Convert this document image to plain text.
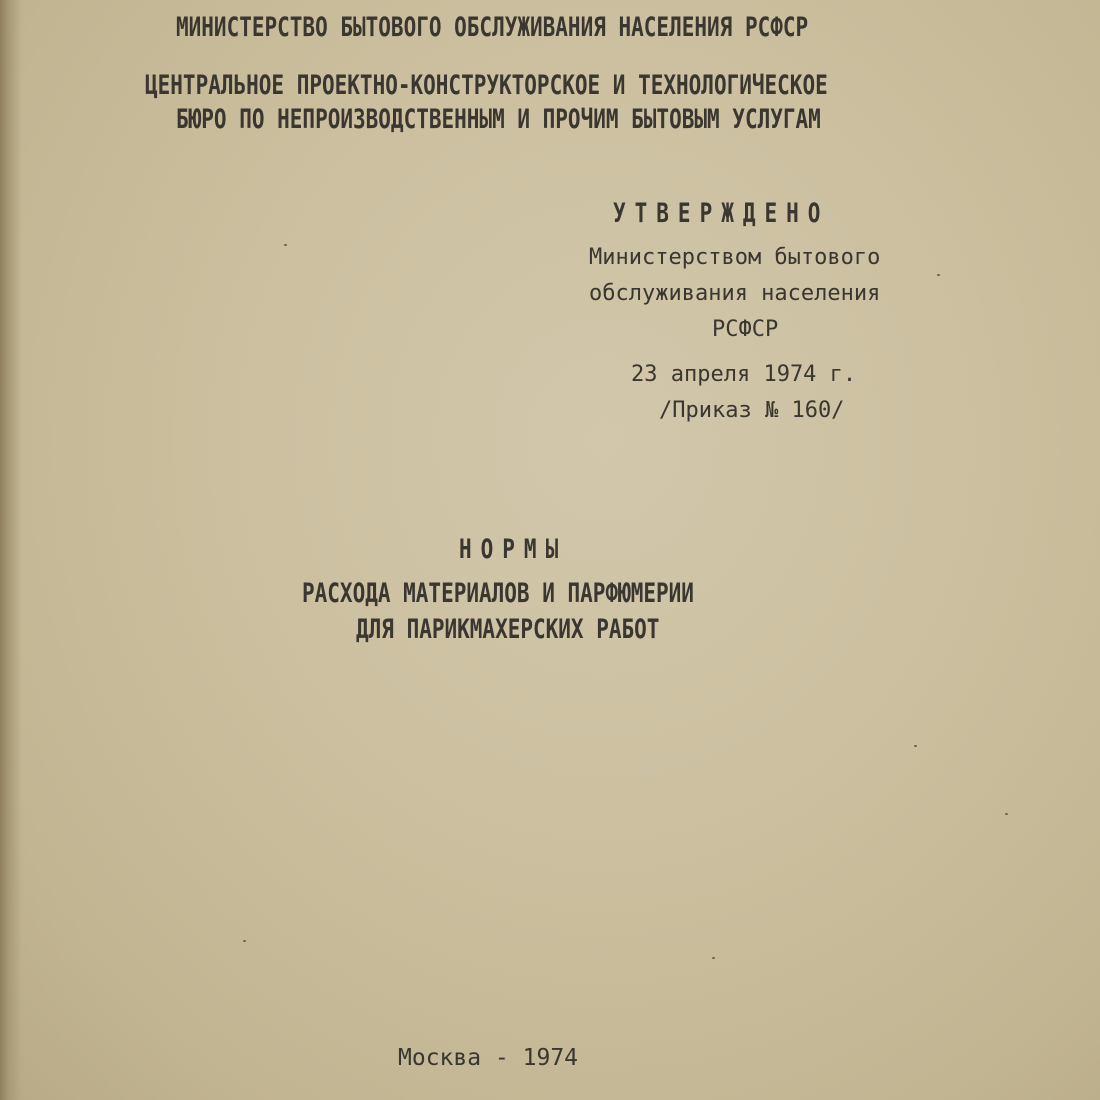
МИНИСТЕРСТВО БЫТОВОГО ОБСЛУЖИВАНИЯ НАСЕЛЕНИЯ РСФСР
ЦЕНТРАЛЬНОЕ ПРОЕКТНО-КОНСТРУКТОРСКОЕ И ТЕХНОЛОГИЧЕСКОЕ
БЮРО ПО НЕПРОИЗВОДСТВЕННЫМ И ПРОЧИМ БЫТОВЫМ УСЛУГАМ
УТВЕРЖДЕНО
Министерством бытового
обслуживания населения
РСФСР
23 апреля 1974 г.
/Приказ № 160/
НОРМЫ
РАСХОДА МАТЕРИАЛОВ И ПАРФЮМЕРИИ
ДЛЯ ПАРИКМАХЕРСКИХ РАБОТ
Москва - 1974
